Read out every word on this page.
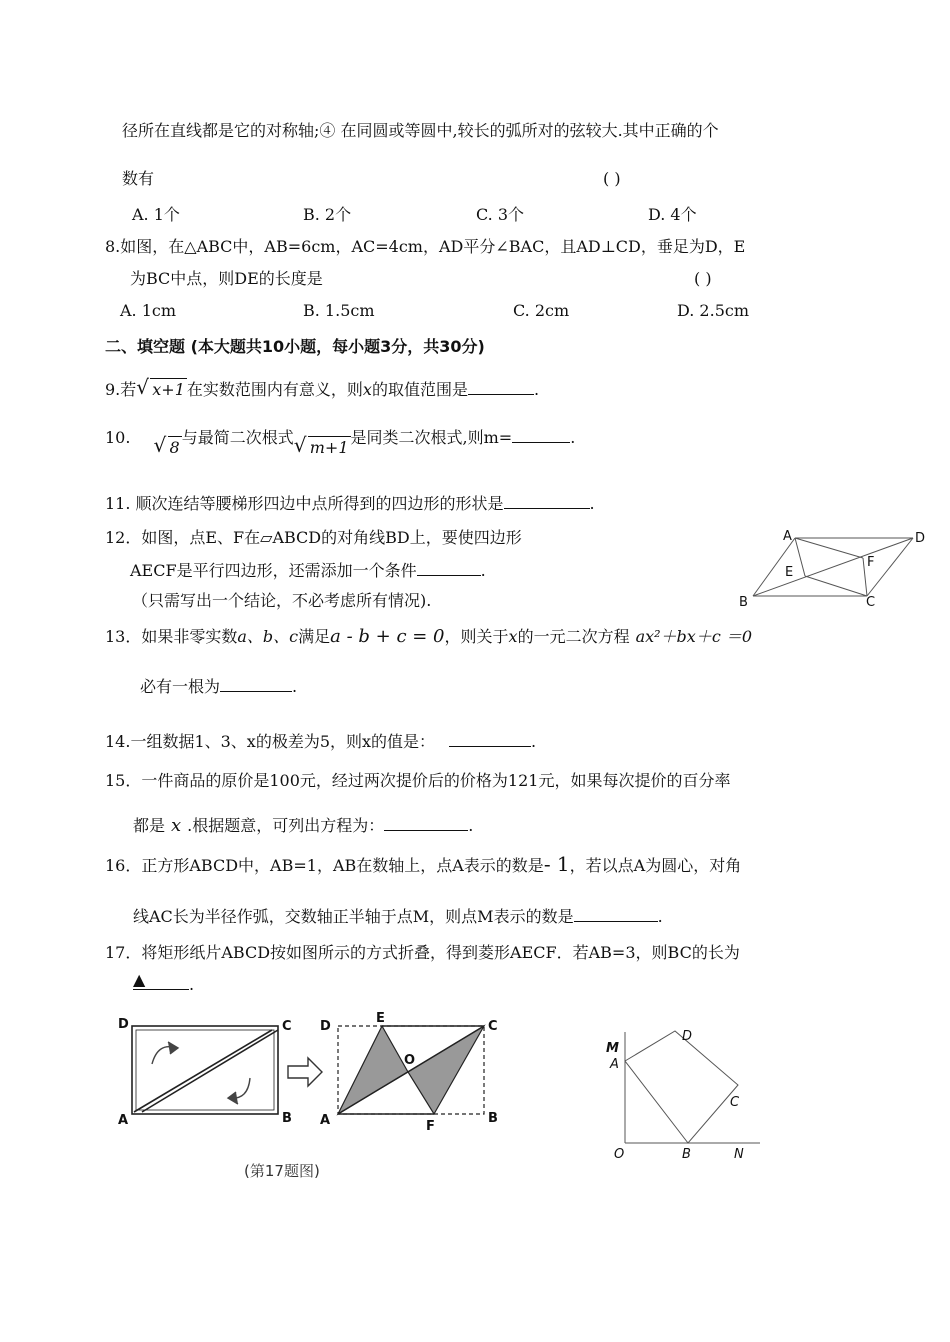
径所在直线都是它的对称轴;④ 在同圆或等圆中,较长的弧所对的弦较大.其中正确的个
数有	( )
A. 1个	B. 2个	C. 3个	D. 4个
8.如图，在△ABC中，AB=6cm，AC=4cm，AD平分∠BAC，且AD⊥CD，垂足为D，E
为BC中点，则DE的长度是	( )
A. 1cm	B. 1.5cm	C. 2cm	D. 2.5cm
二、填空题 (本大题共10小题，每小题3分，共30分)
9.若 √ x+1 在实数范围内有意义，则x的取值范围是	.
10. √ 8与最简二次根式 √ m+1是同类二次根式,则m=	.
11. 顺次连结等腰梯形四边中点所得到的四边形的形状是	.
12．如图，点E、F在▱ABCD的对角线BD上，要使四边形
AECF是平行四边形，还需添加一个条件	.
（只需写出一个结论，不必考虑所有情况).
A	D
F
E
B	C
13．如果非零实数a、b、c满足a - b + c = 0，则关于x的一元二次方程 ax²＋bx＋c ＝0
必有一根为	.
14.一组数据1、3、x的极差为5，则x的值是：	.
15．一件商品的原价是100元，经过两次提价后的价格为121元，如果每次提价的百分率
都是 x .根据题意，可列出方程为：	.
16．正方形ABCD中，AB=1，AB在数轴上，点A表示的数是- 1，若以点A为圆心，对角
线AC长为半径作弧，交数轴正半轴于点M，则点M表示的数是	.
17．将矩形纸片ABCD按如图所示的方式折叠，得到菱形AECF．若AB=3，则BC的长为
▲	.
D	C
A	B
D
E
C
O
A	F
B
(第17题图)
M
A
D
C
O	B	N
